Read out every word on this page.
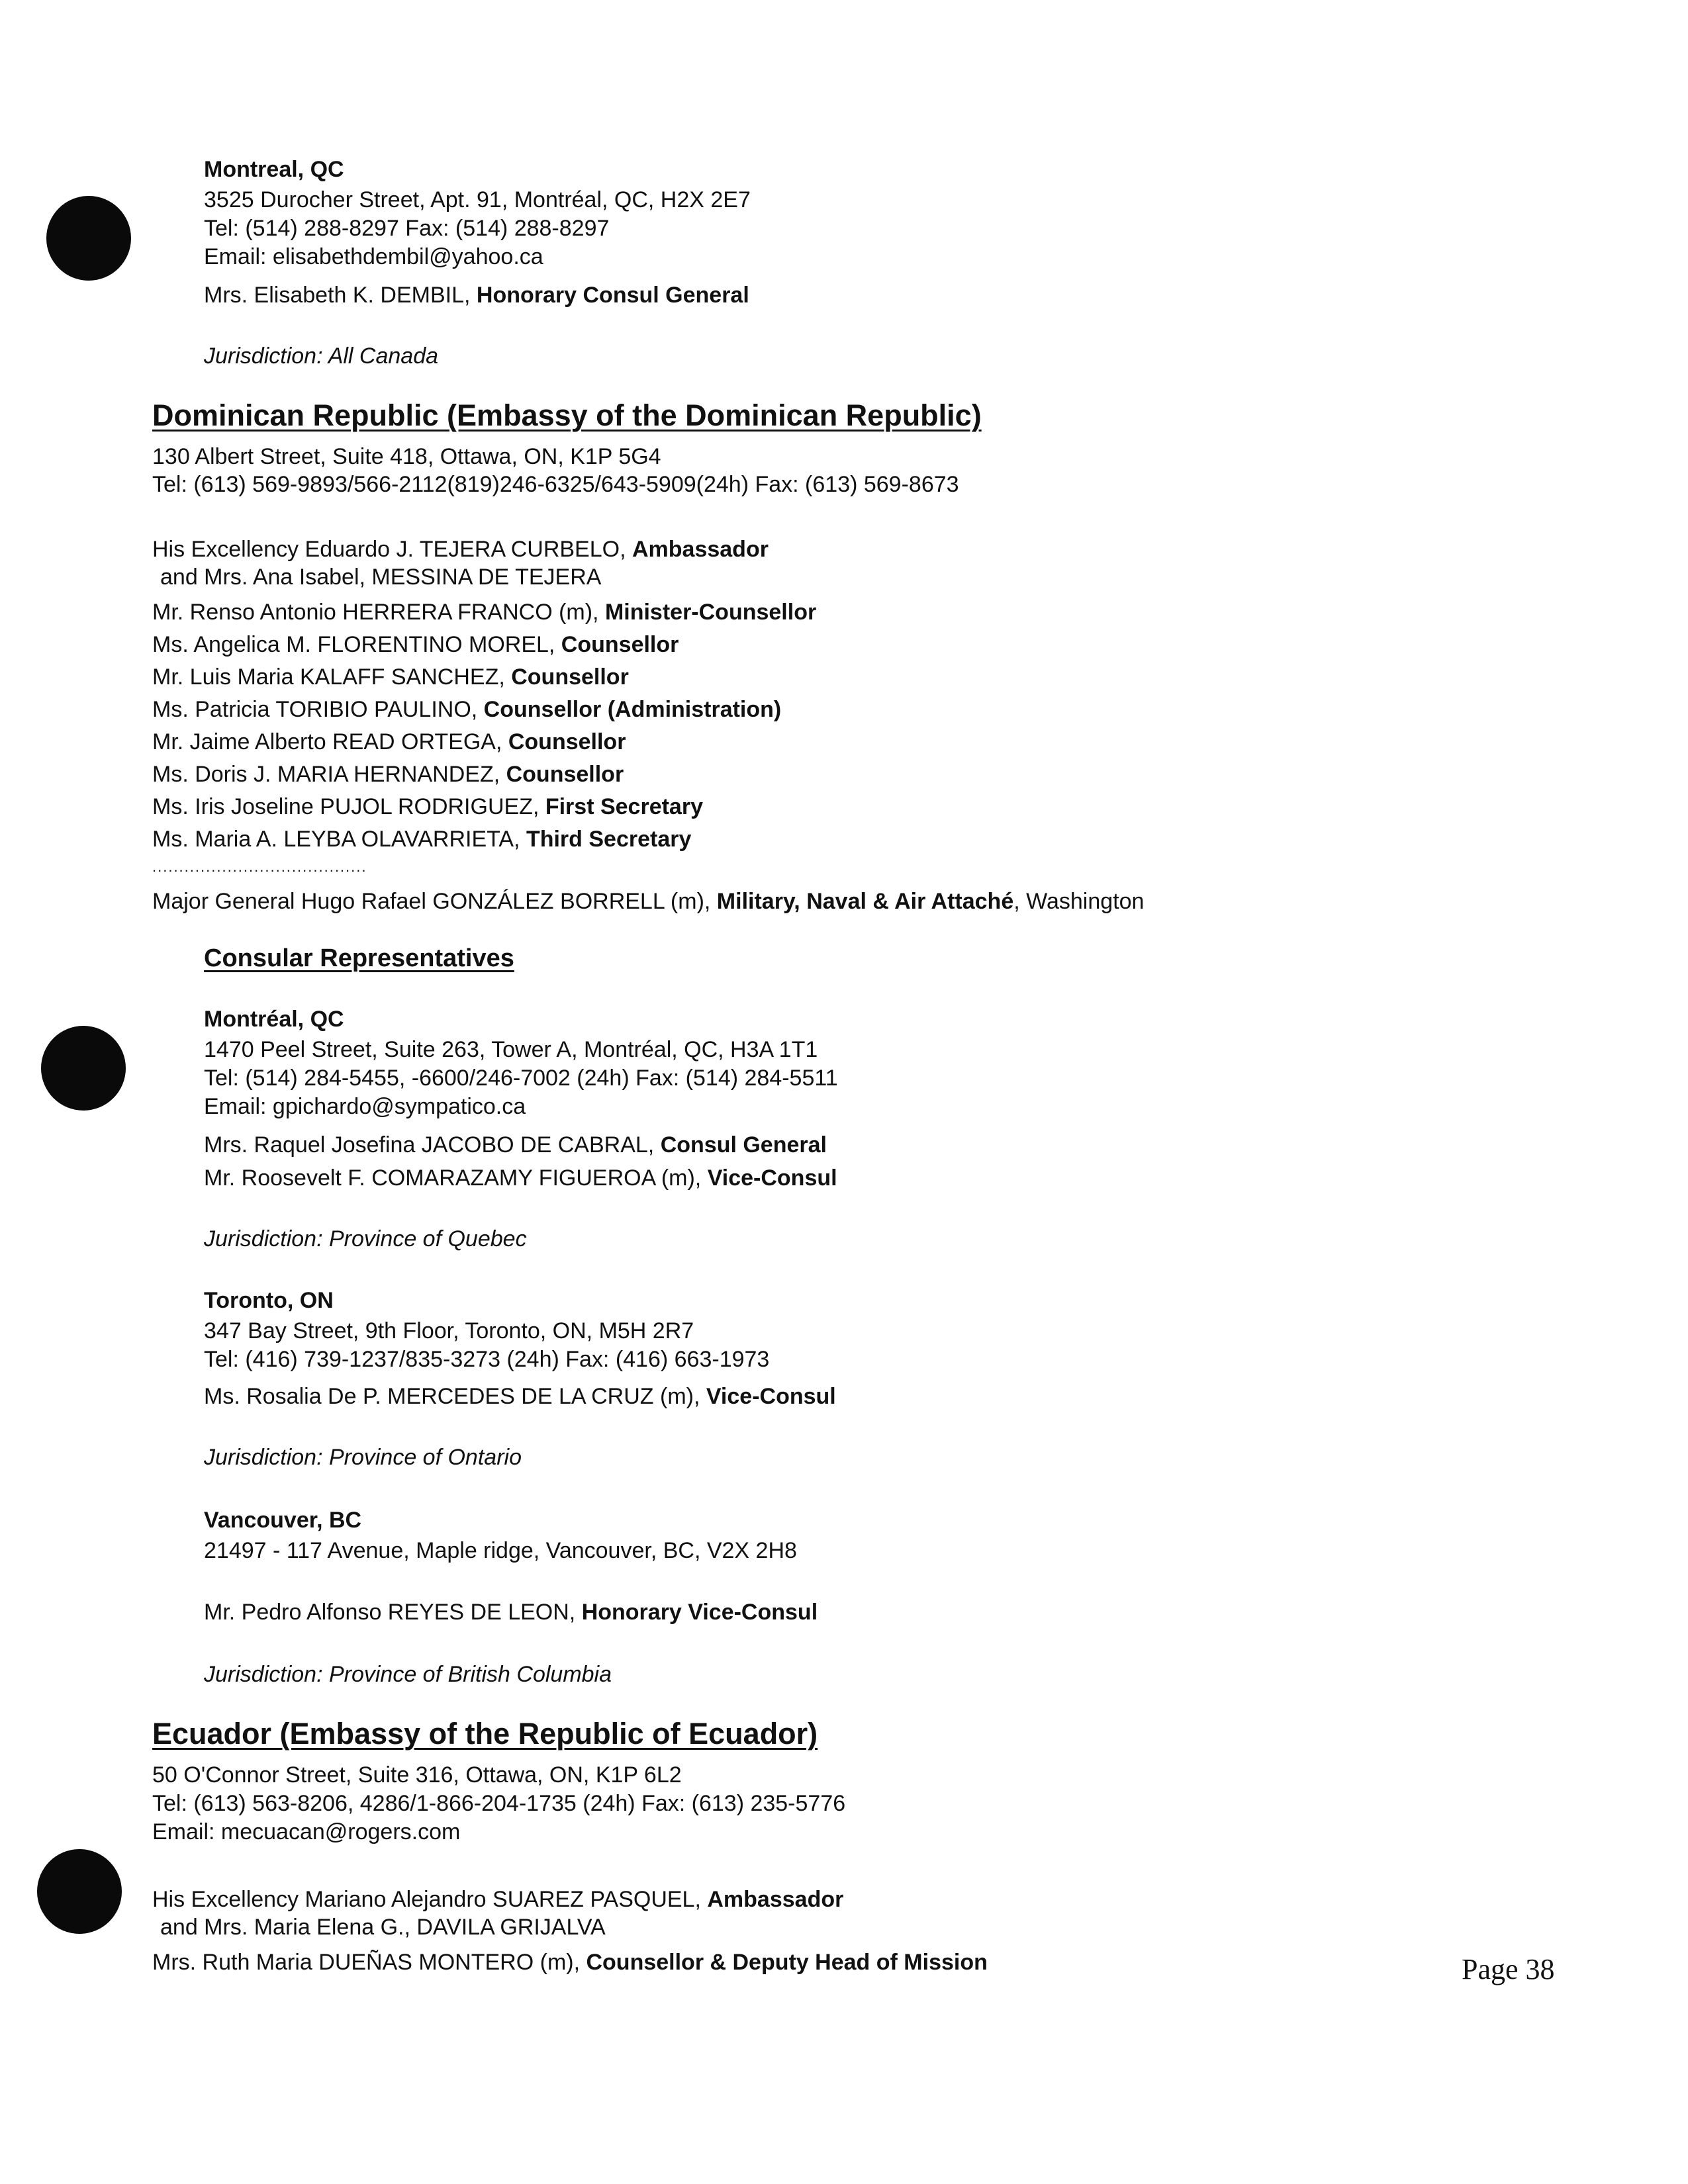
Montreal, QC
3525 Durocher Street, Apt. 91, Montréal, QC, H2X 2E7
Tel: (514) 288-8297 Fax: (514) 288-8297
Email: elisabethdembil@yahoo.ca
Mrs. Elisabeth K. DEMBIL, Honorary Consul General
Jurisdiction: All Canada
Dominican Republic (Embassy of the Dominican Republic)
130 Albert Street, Suite 418, Ottawa, ON, K1P 5G4
Tel: (613) 569-9893/566-2112(819)246-6325/643-5909(24h) Fax: (613) 569-8673
His Excellency Eduardo J. TEJERA CURBELO, Ambassador
and Mrs. Ana Isabel, MESSINA DE TEJERA
Mr. Renso Antonio HERRERA FRANCO (m), Minister-Counsellor
Ms. Angelica M. FLORENTINO MOREL, Counsellor
Mr. Luis Maria KALAFF SANCHEZ, Counsellor
Ms. Patricia TORIBIO PAULINO, Counsellor (Administration)
Mr. Jaime Alberto READ ORTEGA, Counsellor
Ms. Doris J. MARIA HERNANDEZ, Counsellor
Ms. Iris Joseline PUJOL RODRIGUEZ, First Secretary
Ms. Maria A. LEYBA OLAVARRIETA, Third Secretary
........................................
Major General Hugo Rafael GONZÁLEZ BORRELL (m), Military, Naval & Air Attaché, Washington
Consular Representatives
Montréal, QC
1470 Peel Street, Suite 263, Tower A, Montréal, QC, H3A 1T1
Tel: (514) 284-5455, -6600/246-7002 (24h) Fax: (514) 284-5511
Email: gpichardo@sympatico.ca
Mrs. Raquel Josefina JACOBO DE CABRAL, Consul General
Mr. Roosevelt F. COMARAZAMY FIGUEROA (m), Vice-Consul
Jurisdiction: Province of Quebec
Toronto, ON
347 Bay Street, 9th Floor, Toronto, ON, M5H 2R7
Tel: (416) 739-1237/835-3273 (24h) Fax: (416) 663-1973
Ms. Rosalia De P. MERCEDES DE LA CRUZ (m), Vice-Consul
Jurisdiction: Province of Ontario
Vancouver, BC
21497 - 117 Avenue, Maple ridge, Vancouver, BC, V2X 2H8
Mr. Pedro Alfonso REYES DE LEON, Honorary Vice-Consul
Jurisdiction: Province of British Columbia
Ecuador (Embassy of the Republic of Ecuador)
50 O'Connor Street, Suite 316, Ottawa, ON, K1P 6L2
Tel: (613) 563-8206, 4286/1-866-204-1735 (24h) Fax: (613) 235-5776
Email: mecuacan@rogers.com
His Excellency Mariano Alejandro SUAREZ PASQUEL, Ambassador
and Mrs. Maria Elena G., DAVILA GRIJALVA
Mrs. Ruth Maria DUEÑAS MONTERO (m), Counsellor & Deputy Head of Mission	Page 38
